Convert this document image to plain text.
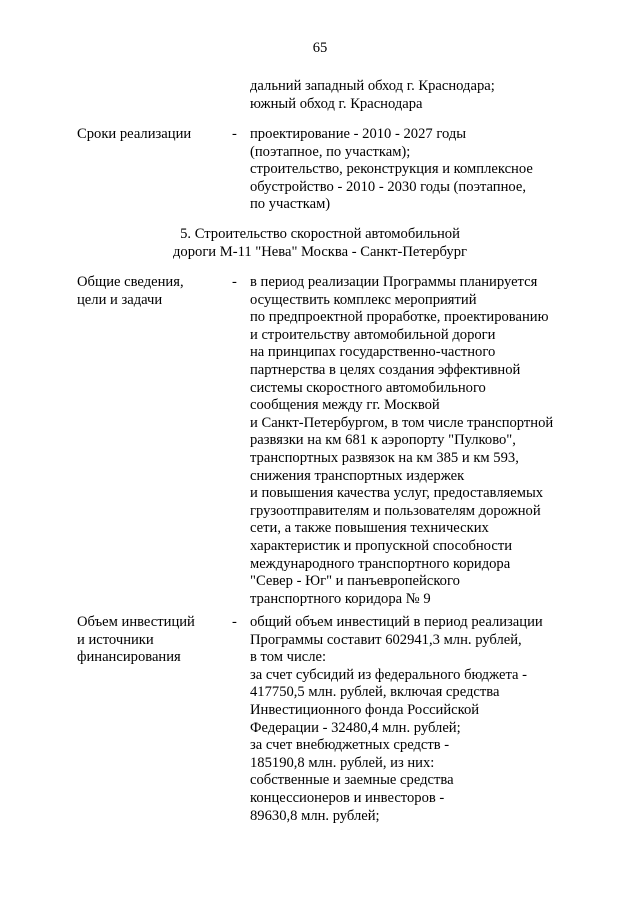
65
дальний западный обход г. Краснодара;
южный обход г. Краснодара
Сроки реализации	- проектирование - 2010 - 2027 годы
(поэтапное, по участкам);
строительство, реконструкция и комплексное
обустройство - 2010 - 2030 годы (поэтапное,
по участкам)
5. Строительство скоростной автомобильной
дороги М-11 "Нева" Москва - Санкт-Петербург
Общие сведения,
цели и задачи
- в период реализации Программы планируется
осуществить комплекс мероприятий
по предпроектной проработке, проектированию
и строительству автомобильной дороги
на принципах государственно-частного
партнерства в целях создания эффективной
системы скоростного автомобильного
сообщения между гг. Москвой
и Санкт-Петербургом, в том числе транспортной
развязки на км 681 к аэропорту "Пулково",
транспортных развязок на км 385 и км 593,
снижения транспортных издержек
и повышения качества услуг, предоставляемых
грузоотправителям и пользователям дорожной
сети, а также повышения технических
характеристик и пропускной способности
международного транспортного коридора
"Север - Юг" и панъевропейского
транспортного коридора № 9
Объем инвестиций
и источники
финансирования
- общий объем инвестиций в период реализации
Программы составит 602941,3 млн. рублей,
в том числе:
за счет субсидий из федерального бюджета -
417750,5 млн. рублей, включая средства
Инвестиционного фонда Российской
Федерации - 32480,4 млн. рублей;
за счет внебюджетных средств -
185190,8 млн. рублей, из них:
собственные и заемные средства
концессионеров и инвесторов -
89630,8 млн. рублей;
